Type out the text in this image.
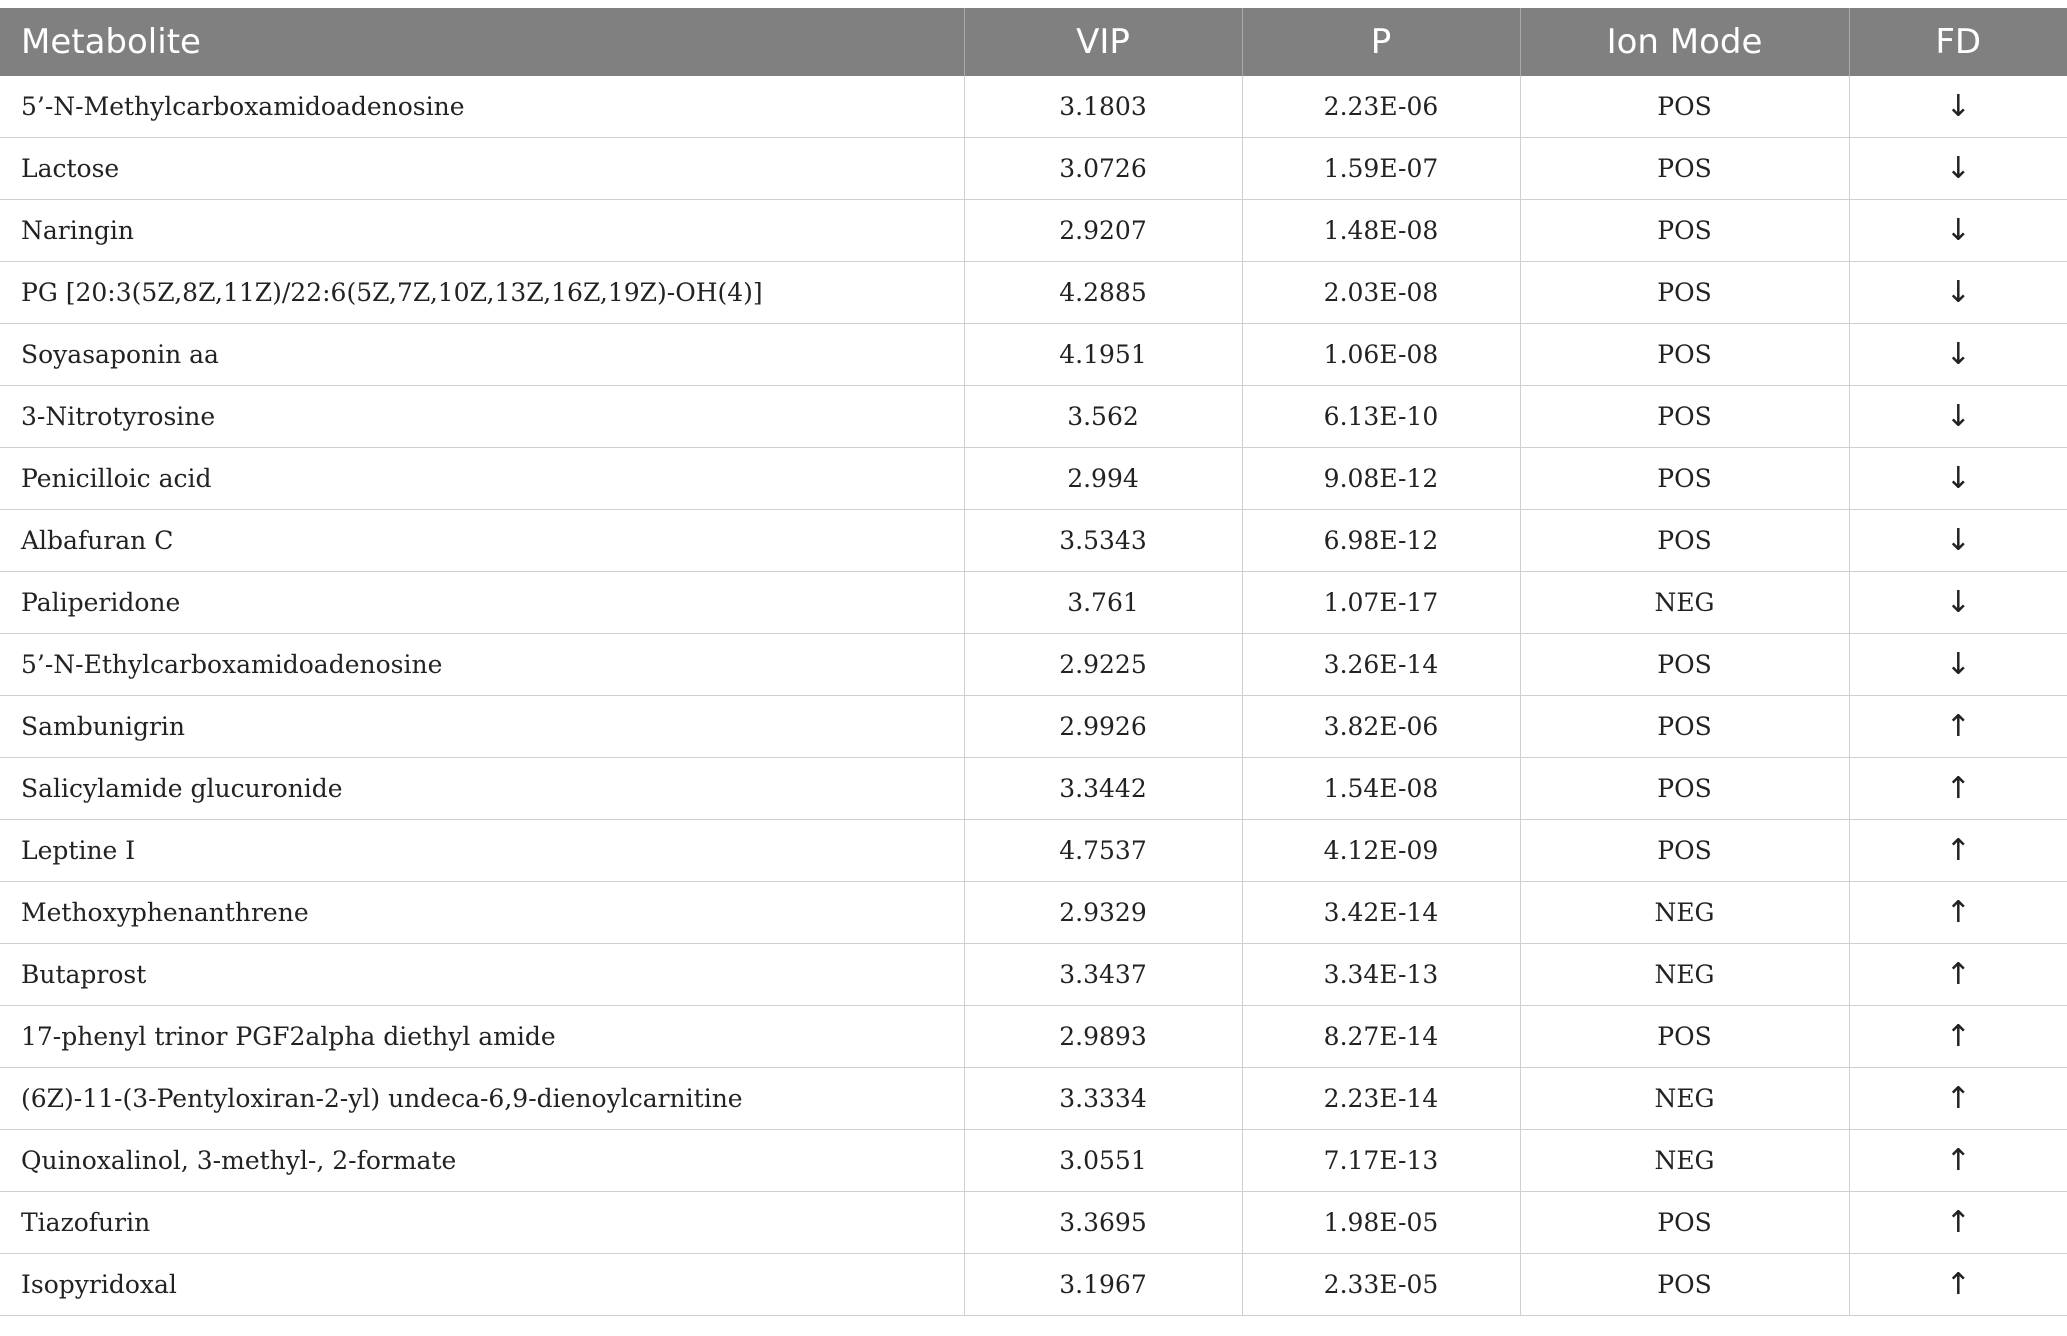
Metabolite	VIP	P	Ion Mode	FD
5’-N-Methylcarboxamidoadenosine	3.1803	2.23E-06	POS	↓
Lactose	3.0726	1.59E-07	POS	↓
Naringin	2.9207	1.48E-08	POS	↓
PG [20:3(5Z,8Z,11Z)/22:6(5Z,7Z,10Z,13Z,16Z,19Z)-OH(4)]	4.2885	2.03E-08	POS	↓
Soyasaponin aa	4.1951	1.06E-08	POS	↓
3-Nitrotyrosine	3.562	6.13E-10	POS	↓
Penicilloic acid	2.994	9.08E-12	POS	↓
Albafuran C	3.5343	6.98E-12	POS	↓
Paliperidone	3.761	1.07E-17	NEG	↓
5’-N-Ethylcarboxamidoadenosine	2.9225	3.26E-14	POS	↓
Sambunigrin	2.9926	3.82E-06	POS	↑
Salicylamide glucuronide	3.3442	1.54E-08	POS	↑
Leptine I	4.7537	4.12E-09	POS	↑
Methoxyphenanthrene	2.9329	3.42E-14	NEG	↑
Butaprost	3.3437	3.34E-13	NEG	↑
17-phenyl trinor PGF2alpha diethyl amide	2.9893	8.27E-14	POS	↑
(6Z)-11-(3-Pentyloxiran-2-yl) undeca-6,9-dienoylcarnitine	3.3334	2.23E-14	NEG	↑
Quinoxalinol, 3-methyl-, 2-formate	3.0551	7.17E-13	NEG	↑
Tiazofurin	3.3695	1.98E-05	POS	↑
Isopyridoxal	3.1967	2.33E-05	POS	↑
